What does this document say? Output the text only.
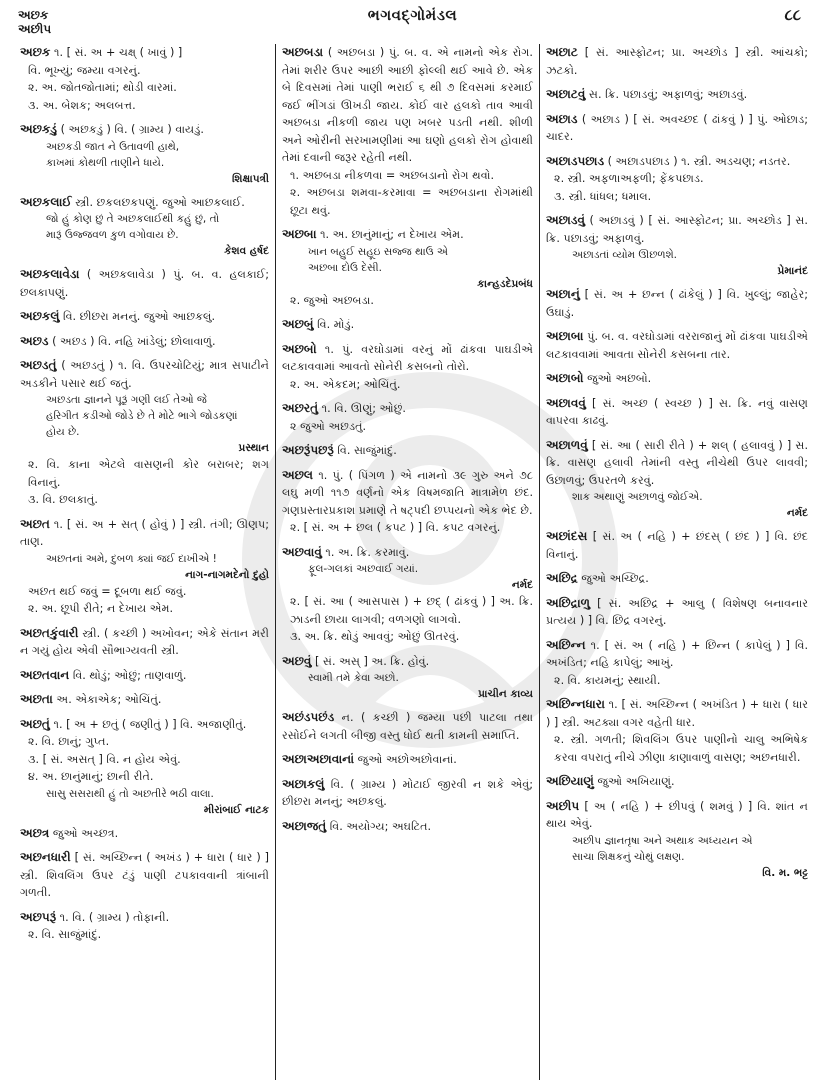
અછક
અછીપ
ભગવદ્ગોમંડલ	૮૮
અછક ૧. [ સં. અ + ચક્ષ્ ( ખાવું ) ]
વિ. ભૂખ્યું; જમ્યા વગરનું.
૨. અ. જોતજોતામાં; થોડી વારમાં.
૩. અ. બેશક; અલબત્ત.
અછકડું ( અછકડું ) વિ. ( ગ્રામ્ય ) વાયડું.
અછકડી જાત ને ઉતાવળી હાથે,
કાખમાં કોથળી તાણીને ધાયે.
શિક્ષાપત્રી
અછકલાઈ સ્ત્રી. છકલછકપણું. જુઓ આછકલાઈ.
જો હું કોણ છું તે અછકલાઈથી કહું છું, તો
મારૂં ઉજ્જવળ કુળ વગોવાય છે.
કેશવ હર્ષદ
અછકલાવેડા ( અછકલાવેડા ) પું. બ. વ. હલકાઈ; છલકાપણું.
અછકલું વિ. છીછરા મનનું. જુઓ આછકલું.
અછડ ( અછડ ) વિ. નહિ ખાંડેલું; છોલાવાળું.
અછડતું ( અછડતું ) ૧. વિ. ઉપરચોટિયું; માત્ર સપાટીને અડકીને પસાર થઈ જતું.
અછડતા જ્ઞાનને પૂરૂં ગણી લઈ તેઓ જે
હરિગીત કડીઓ જોડે છે તે મોટે ભાગે જોડકણાં
હોય છે.
પ્રસ્થાન
૨. વિ. કાના એટલે વાસણની કોર બરાબર; શગ વિનાનું.
૩. વિ. છલકાતું.
અછત ૧. [ સં. અ + સત્ ( હોવું ) ] સ્ત્રી. તંગી; ઊણપ; તાણ.
અછતનાં અમે, દુબળ ક્યાં જઈ દાખીએ !
નાગ-નાગમદેનો દુહો
અછત થઈ જવું = દૂબળા થઈ જવું.
૨. અ. છૂપી રીતે; ન દેખાય એમ.
અછતકુંવારી સ્ત્રી. ( કચ્છી ) અખોવન; એકે સંતાન મરી ન ગયું હોય એવી સૌભાગ્યવતી સ્ત્રી.
અછતવાન વિ. થોડું; ઓછું; તાણવાળું.
અછતા અ. એકાએક; ઓચિંતું.
અછતું ૧. [ અ + છતું ( જણીતું ) ] વિ. અજાણીતું.
૨. વિ. છાનું; ગુપ્ત.
૩. [ સં. અસત્ ] વિ. ન હોય એવું.
૪. અ. છાનુંમાનું; છાની રીતે.
સાસુ સસરાથી હું તો અછતીરે ભઠી વાલા.
મીરાંબાઈ નાટક
અછત્ર જુઓ અચ્છત્ર.
અછનધારી [ સં. અચ્છિન્ન ( અખંડ ) + ધારા ( ધાર ) ] સ્ત્રી. શિવલિંગ ઉપર ટંડું પાણી ટપકાવવાની ત્રાંબાની ગળતી.
અછપરૂં ૧. વિ. ( ગ્રામ્ય ) તોફાની.
૨. વિ. સાજુંમાંદું.
અછબડા ( અછબડા ) પું. બ. વ. એ નામનો એક રોગ. તેમાં શરીર ઉપર આછી આછી ફોલ્લી થઈ આવે છે. એક બે દિવસમાં તેમાં પાણી ભરાઈ ૬ થી ૭ દિવસમાં કરમાઈ જઈ ભીંગડાં ઊખડી જાય. કોઈ વાર હલકો તાવ આવી અછબડા નીકળી જાય પણ ખબર પડતી નથી. શીળી અને ઓરીની સરખામણીમાં આ ઘણો હલકો રોગ હોવાથી તેમાં દવાની જરૂર રહેતી નથી.
૧. અછબડા નીકળવા = અછબડાનો રોગ થવો.
૨. અછબડા શમવા-કરમાવા = અછબડાના રોગમાંથી છૂટા થવું.
અછબા ૧. અ. છાનુંમાનું; ન દેખાય એમ.
ખાન બહુઈ સહૂઇ સજ્જ થાઉ એ
અછબા દોઉ દેસી.
કાન્હડદેપ્રબંધ
૨. જુઓ અછબડા.
અછબું વિ. મોડું.
અછબો ૧. પું. વરઘોડામાં વરનું મોં ઢાંકવા પાઘડીએ લટકાવવામાં આવતો સોનેરી કસબનો તોરો.
૨. અ. એકદમ; ઓચિંતું.
અછરતું ૧. વિ. ઊણું; ઓછું.
૨ જુઓ અછડતું.
અછરૂંપછરૂં વિ. સાજુંમાંદું.
અછલ ૧. પું. ( પિંગળ ) એ નામનો ૩૯ ગુરુ અને ૭૮ લઘુ મળી ૧૧૭ વર્ણનો એક વિષમજાતિ માત્રામેળ છંદ. ગણપ્રસ્તારપ્રકાશ પ્રમાણે તે ષટ્પદી છપ્પયનો એક ભેદ છે.
૨. [ સં. અ + છલ ( કપટ ) ] વિ. કપટ વગરનું.
અછવાવું ૧. અ. ક્રિ. કરમાવું.
ફૂલ-ગલકાં અછવાઈ ગયાં.
નર્મદ
૨. [ સં. આ ( આસપાસ ) + છદ્ ( ઢાંકવું ) ] અ. ક્રિ. ઝાડની છાયા લાગવી; વળગણો લાગવો.
૩. અ. ક્રિ. થોડું આવવું; ઓછું ઊતરવું.
અછવું [ સં. અસ્ ] અ. ક્રિ. હોવું.
સ્વામી તમે કેવા અછો.
પ્રાચીન કાવ્ય
અછંડપછંડ ન. ( કચ્છી ) જમ્યા પછી પાટલા તથા રસોઈને લગતી બીજી વસ્તુ ધોઈ થતી કામની સમાપ્તિ.
અછાઅછાવાનાં જુઓ અછોઅછોવાનાં.
અછાકલું વિ. ( ગ્રામ્ય ) મોટાઈ જીરવી ન શકે એવું; છીછરા મનનું; અછકલું.
અછાજતું વિ. અયોગ્ય; અઘટિત.
અછાટ [ સં. આસ્ફોટન; પ્રા. અચ્છોડ ] સ્ત્રી. આંચકો; ઝટકો.
અછાટવું સ. ક્રિ. પછાડવું; અફાળવું; અછાડવું.
અછાડ ( અછાડ ) [ સં. અવચ્છદ ( ઢાંકવું ) ] પું. ઓછાડ; ચાદર.
અછાડપછાડ ( અછાડપછાડ ) ૧. સ્ત્રી. અડચણ; નડતર.
૨. સ્ત્રી. અફળાઅફળી; ફેંકપછાડ.
૩. સ્ત્રી. ધાંધલ; ધમાલ.
અછાડવું ( અછાડવું ) [ સં. આસ્ફોટન; પ્રા. અચ્છોડ ] સ. ક્રિ. પછાડવું; અફાળવું.
અછાડતાં વ્યોમ ઊછળશે.
પ્રેમાનંદ
અછાનું [ સં. અ + છન્ન ( ઢાંકેલું ) ] વિ. ખુલ્લું; જાહેર; ઉઘાડું.
અછાબા પું. બ. વ. વરઘોડામાં વરરાજાનું મોં ઢાંકવા પાઘડીએ લટકાવવામાં આવતા સોનેરી કસબના તાર.
અછાબો જુઓ અછબો.
અછાવવું [ સં. અચ્છ ( સ્વચ્છ ) ] સ. ક્રિ. નવું વાસણ વાપરવા કાઢવું.
અછાળવું [ સં. આ ( સારી રીતે ) + શલ્ ( હલાવવું ) ] સ. ક્રિ. વાસણ હલાવી તેમાંની વસ્તુ નીચેથી ઉપર લાવવી; ઉછાળવું; ઉપરતળે કરવું.
શાક અથાણું અછાળવું જોઈએ.
નર્મદ
અછાંદસ [ સં. અ ( નહિ ) + છંદસ્ ( છંદ ) ] વિ. છંદ વિનાનું.
અછિદ્ર જુઓ અચ્છિદ્ર.
અછિદ્રાળુ [ સં. અછિદ્ર + આલુ ( વિશેષણ બનાવનાર પ્રત્યય ) ] વિ. છિદ્ર વગરનું.
અછિન્ન ૧. [ સં. અ ( નહિ ) + છિન્ન ( કાપેલું ) ] વિ. અખંડિત; નહિ કાપેલું; આખું.
૨. વિ. કાયમનું; સ્થાયી.
અછિન્નધારા ૧. [ સં. અચ્છિન્ન ( અખંડિત ) + ધારા ( ધાર ) ] સ્ત્રી. અટક્યા વગર વહેતી ધાર.
૨. સ્ત્રી. ગળતી; શિવલિંગ ઉપર પાણીનો ચાલુ અભિષેક કરવા વપરાતું નીચે ઝીણા કાણાવાળું વાસણ; અછનધારી.
અછિયાણું જુઓ અખિયાણું.
અછીપ [ અ ( નહિ ) + છીપવું ( શમવું ) ] વિ. શાંત ન થાય એવું.
અછીપ જ્ઞાનતૃષા અને અથાક અધ્યયન એ
સાચા શિક્ષકનું ચોથું લક્ષણ.
વિ. મ. ભટ્ટ
